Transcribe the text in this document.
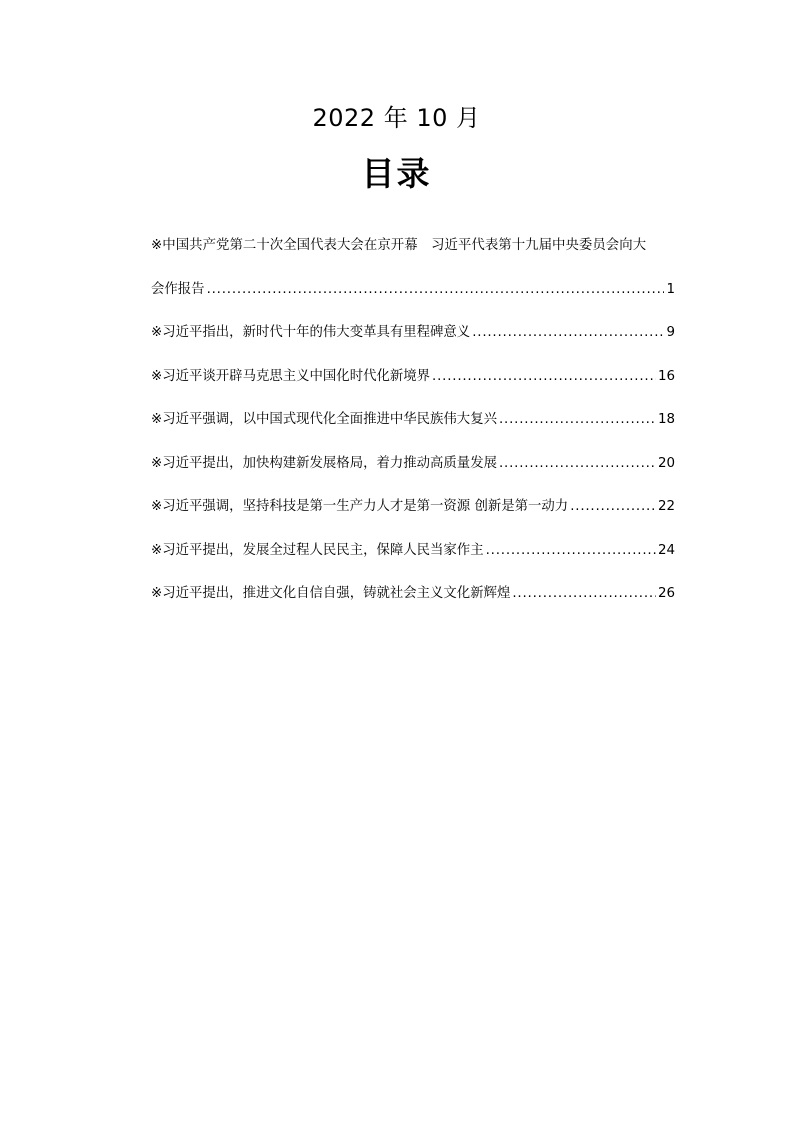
2022 年 10 月
目录
※中国共产党第二十次全国代表大会在京开幕　习近平代表第十九届中央委员会向大
会作报告 .....	1
※习近平指出，新时代十年的伟大变革具有里程碑意义 .....	9
※习近平谈开辟马克思主义中国化时代化新境界 .....	16
※习近平强调，以中国式现代化全面推进中华民族伟大复兴 .....	18
※习近平提出，加快构建新发展格局，着力推动高质量发展 .....	20
※习近平强调，坚持科技是第一生产力人才是第一资源 创新是第一动力 .....	22
※习近平提出，发展全过程人民民主，保障人民当家作主 .....	24
※习近平提出，推进文化自信自强，铸就社会主义文化新辉煌 .....	26
